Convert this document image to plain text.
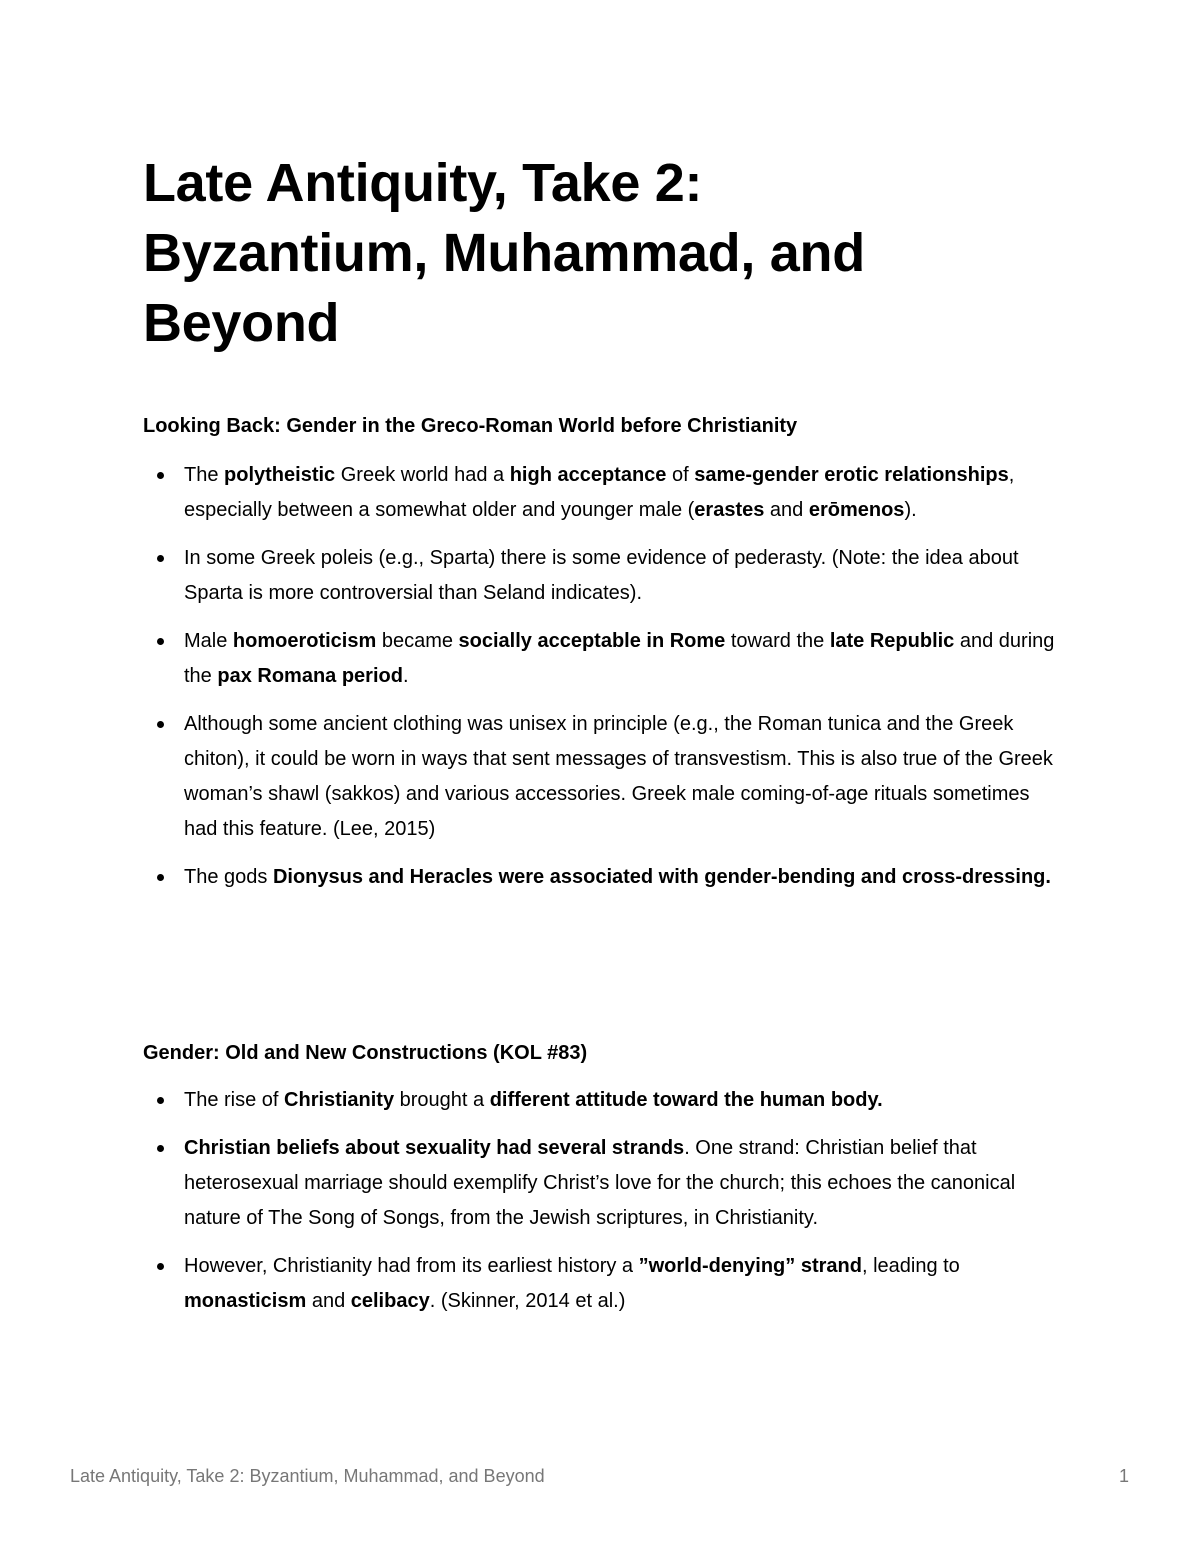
Late Antiquity, Take 2:
Byzantium, Muhammad, and
Beyond
Looking Back: Gender in the Greco-Roman World before Christianity
The polytheistic Greek world had a high acceptance of same-gender erotic relationships, especially between a somewhat older and younger male (erastes and erōmenos).
In some Greek poleis (e.g., Sparta) there is some evidence of pederasty. (Note: the idea about Sparta is more controversial than Seland indicates).
Male homoeroticism became socially acceptable in Rome toward the late Republic and during the pax Romana period.
Although some ancient clothing was unisex in principle (e.g., the Roman tunica and the Greek chiton), it could be worn in ways that sent messages of transvestism. This is also true of the Greek woman’s shawl (sakkos) and various accessories. Greek male coming-of-age rituals sometimes had this feature. (Lee, 2015)
The gods Dionysus and Heracles were associated with gender-bending and cross-dressing.
Gender: Old and New Constructions (KOL #83)
The rise of Christianity brought a different attitude toward the human body.
Christian beliefs about sexuality had several strands. One strand: Christian belief that heterosexual marriage should exemplify Christ’s love for the church; this echoes the canonical nature of The Song of Songs, from the Jewish scriptures, in Christianity.
However, Christianity had from its earliest history a ”world-denying” strand, leading to monasticism and celibacy. (Skinner, 2014 et al.)
Late Antiquity, Take 2: Byzantium, Muhammad, and Beyond	1
